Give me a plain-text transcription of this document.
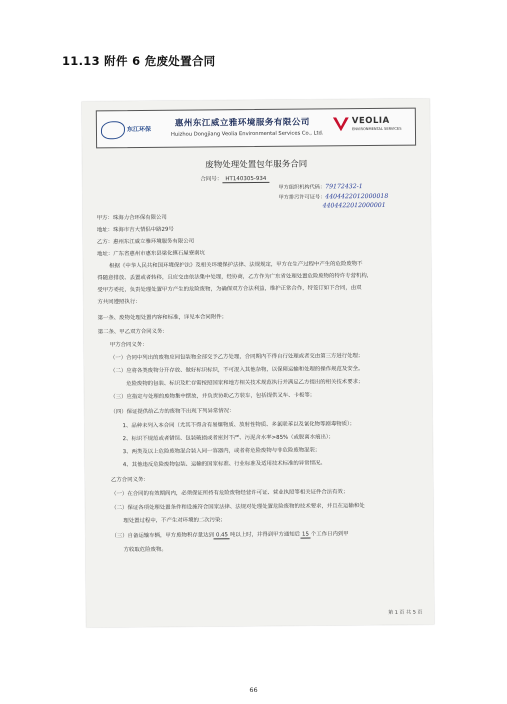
11.13 附件 6 危废处置合同
东江环保
惠州东江威立雅环境服务有限公司
Huizhou Dongjiang Veolia Environmental Services Co., Ltd.
VEOLIA
ENVIRONMENTAL SERVICES
废物处理处置包年服务合同
合同号： HT140305-934
甲方组织机构代码：79172432-1
甲方排污许可证号：4404422012000018
4404422012000001
甲方：珠海力合环保有限公司
地址：珠海市吉大情侣中路29号
乙方：惠州东江威立雅环境服务有限公司
地址：广东省惠州市惠东县梁化镇石屋寮南坑
根据《中华人民共和国环境保护法》及相关环境保护法律、法规规定，甲方在生产过程中产生的危险废物不
得随意排放、丢置或者转移，且应交由依法集中处理，经协商，乙方作为广东省处理处置危险废物的特许专营机构，
受甲方委托，负责处理处置甲方产生的危险废物，为确保双方合法利益，维护正常合作，特签订如下合同，由双
方共同遵照执行：
第一条、废物处理处置内容和标准，详见本合同附件；
第二条、甲乙双方合同义务：
甲方合同义务：
（一）合同中列出的废物应同包装物全部交予乙方处理，合同期内不得自行处理或者交由第三方进行处理；
（二）应将各类废物分开存放、做好标识标识，不可混入其他杂物，以保障运输和处理的操作规范及安全。
危险废物的包装、标识及贮存需按照国家和地方相关技术规范执行并满足乙方提出的相关技术要求；
（三）应指定与处理的废物集中摆放，并负责协助乙方装车，包括提供叉车、卡板等；
（四）保证提供给乙方的废物不出现下列异常情况：
1、品种未列入本合同（尤其不得含有易爆物质、放射性物质、多氯联苯以及氰化物等剧毒物质）；
2、标识不规范或者错误、包装破损或者密封不严、污泥含水率>85%（或脱离水痕出）；
3、两类及以上危险废物混合装入同一容器内，或者将危险废物与非危险废物混装；
4、其他违反危险废物包装、运输的国家标准、行业标准及适用技术标准的异常情况。
乙方合同义务：
（一）在合同的有效期间内，必须保证所持有危险废物经营许可证、营业执照等相关证件合法有效；
（二）保证各项处理处置条件和设施符合国家法律、法规对处理处置危险废物的技术要求，并且在运输和处
理处置过程中，不产生对环境的二次污染；
（三）自备运输车辆，甲方废物积存量达到 0.45 吨以上时，并得到甲方通知后 15 个工作日内到甲
方收取危险废物。
第 1 页 共 5 页
66
